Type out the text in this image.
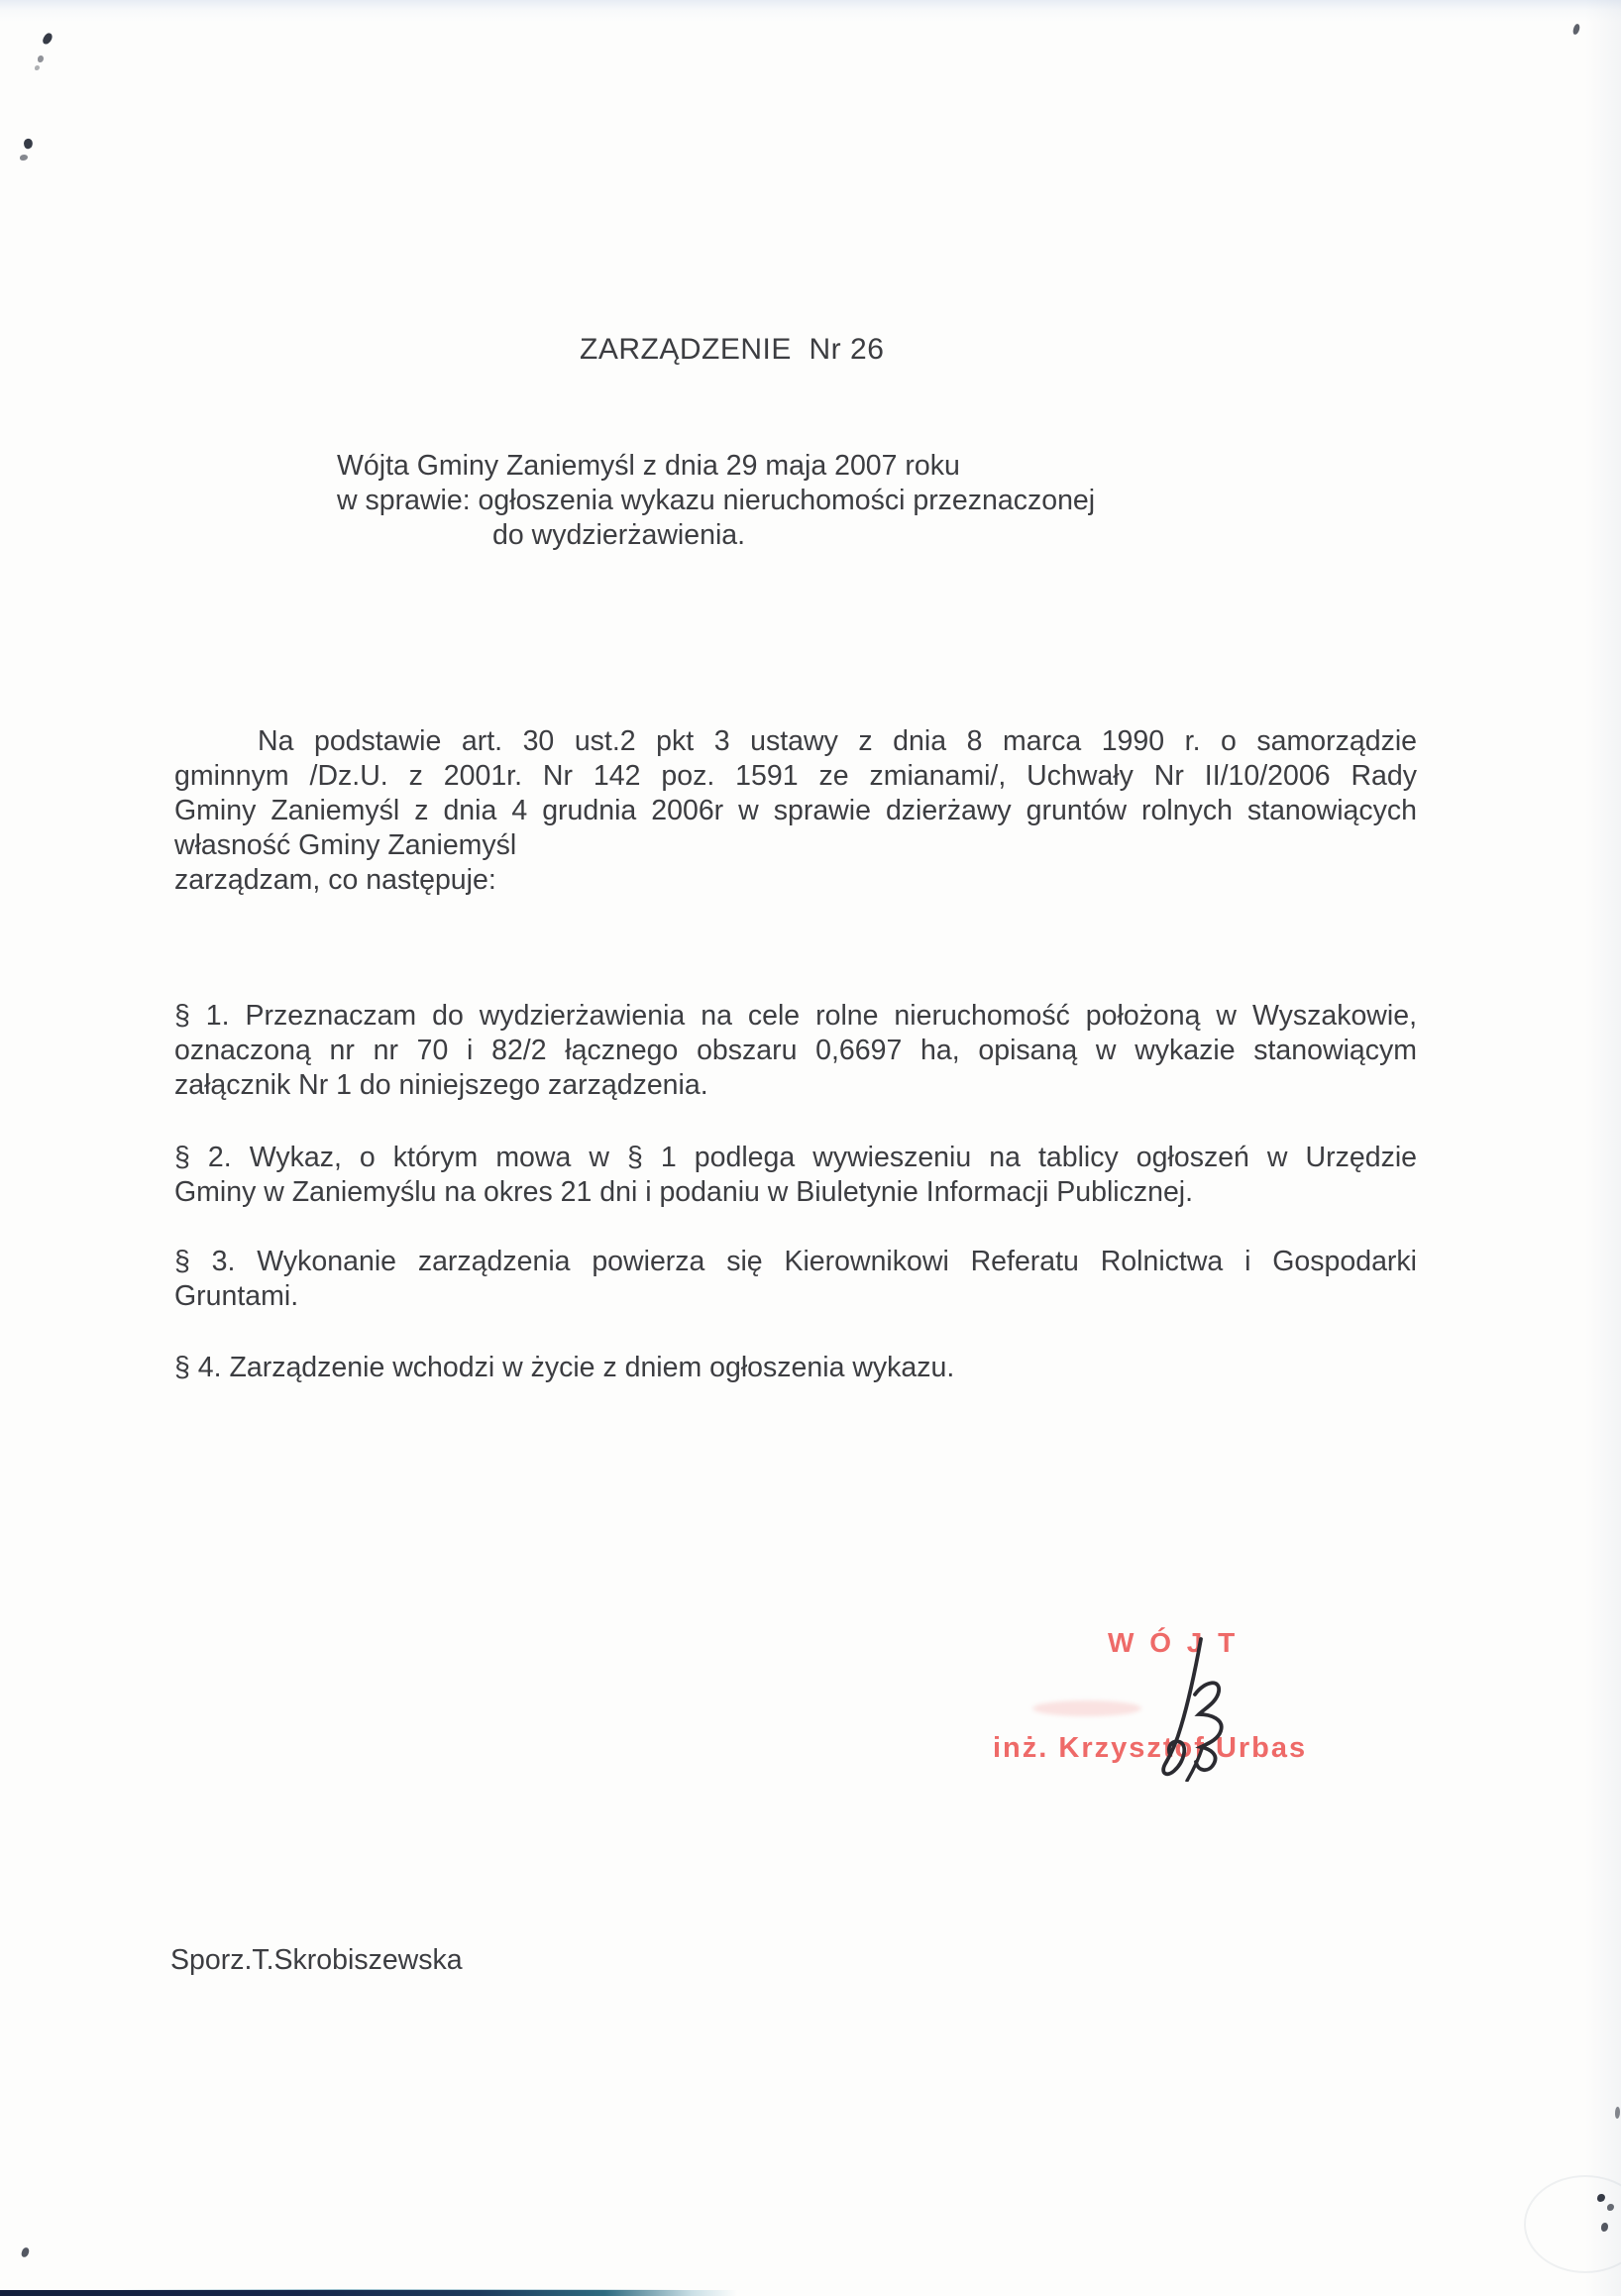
ZARZĄDZENIE  Nr 26
Wójta Gminy Zaniemyśl z dnia 29 maja 2007 roku
w sprawie: ogłoszenia wykazu nieruchomości przeznaczonej
do wydzierżawienia.
Na podstawie art. 30 ust.2 pkt 3 ustawy z dnia 8 marca 1990 r. o samorządzie
gminnym /Dz.U. z 2001r. Nr 142 poz. 1591 ze zmianami/, Uchwały Nr II/10/2006 Rady
Gminy Zaniemyśl z dnia 4 grudnia 2006r w sprawie dzierżawy gruntów rolnych stanowiących
własność Gminy Zaniemyśl
zarządzam, co następuje:
§ 1. Przeznaczam do wydzierżawienia na cele rolne nieruchomość położoną w Wyszakowie,
oznaczoną nr nr 70 i 82/2 łącznego obszaru 0,6697 ha, opisaną w wykazie stanowiącym
załącznik Nr 1 do niniejszego zarządzenia.
§ 2. Wykaz, o którym mowa w § 1 podlega wywieszeniu na tablicy ogłoszeń w Urzędzie
Gminy w Zaniemyślu na okres 21 dni i podaniu w Biuletynie Informacji Publicznej.
§ 3. Wykonanie zarządzenia powierza się Kierownikowi Referatu Rolnictwa i Gospodarki
Gruntami.
§ 4. Zarządzenie wchodzi w życie z dniem ogłoszenia wykazu.
W Ó J T
inż. Krzysztof Urbas
Sporz.T.Skrobiszewska
